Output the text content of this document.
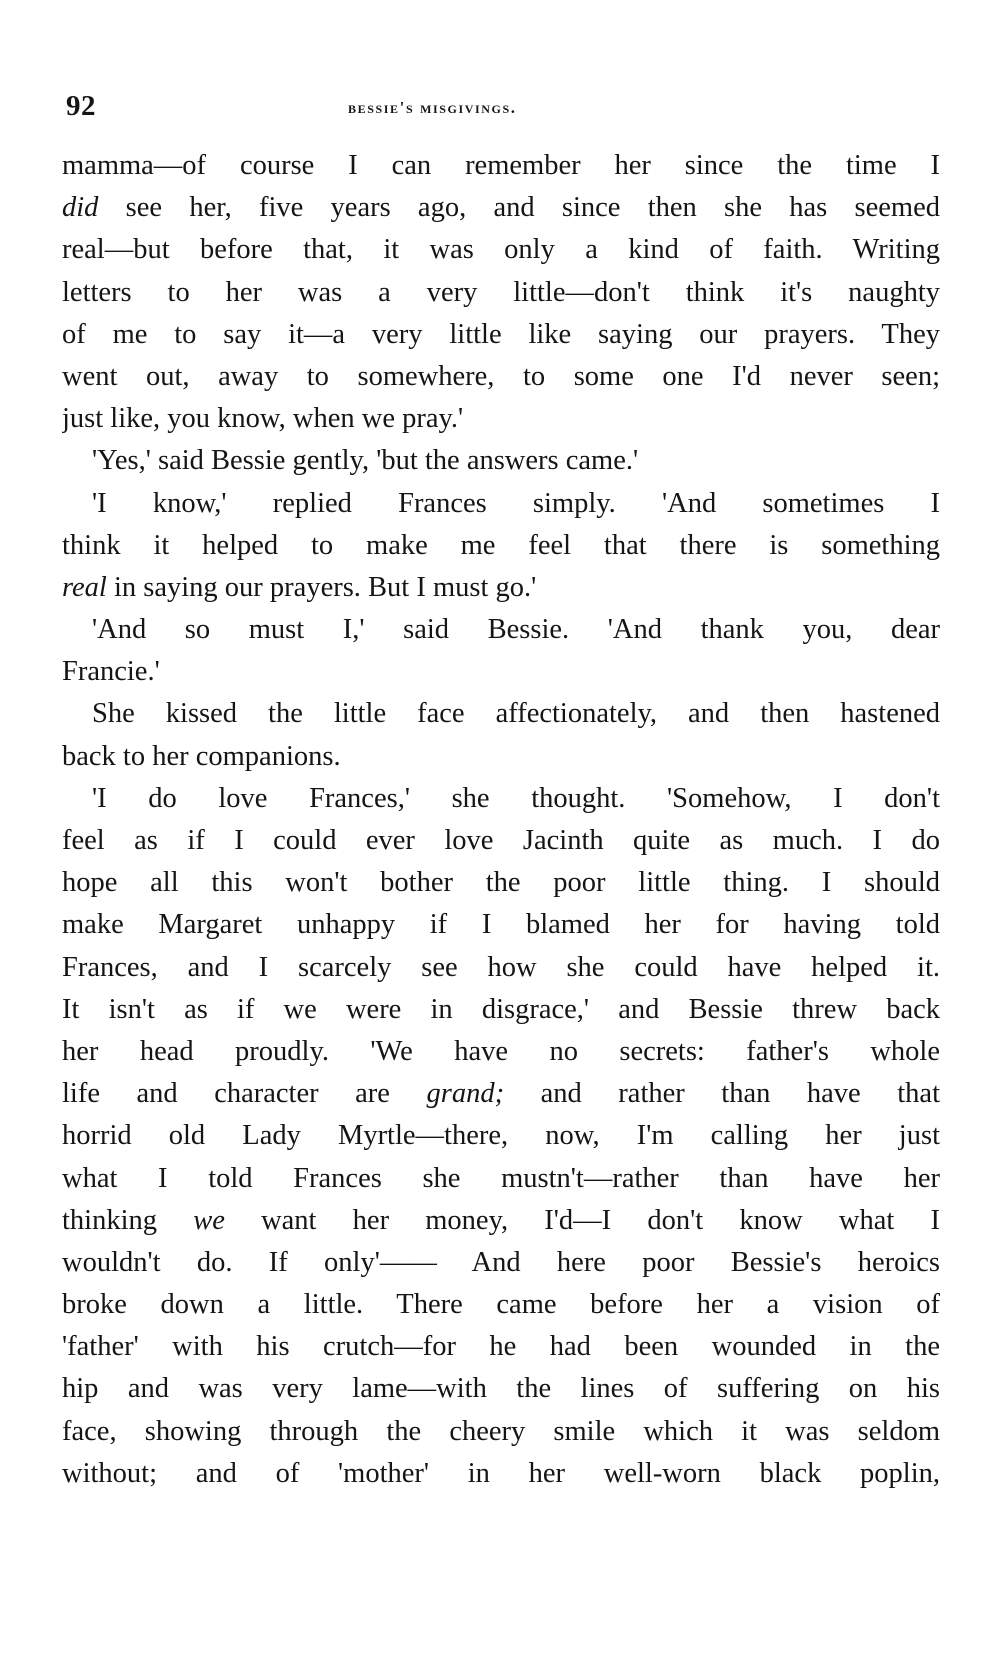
92	bessie's misgivings.
mamma—of course I can remember her since the time I
did see her, five years ago, and since then she has seemed
real—but before that, it was only a kind of faith. Writing
letters to her was a very little—don't think it's naughty
of me to say it—a very little like saying our prayers. They
went out, away to somewhere, to some one I'd never seen;
just like, you know, when we pray.'
'Yes,' said Bessie gently, 'but the answers came.'
'I know,' replied Frances simply. 'And sometimes I
think it helped to make me feel that there is something
real in saying our prayers. But I must go.'
'And so must I,' said Bessie. 'And thank you, dear
Francie.'
She kissed the little face affectionately, and then hastened
back to her companions.
'I do love Frances,' she thought. 'Somehow, I don't
feel as if I could ever love Jacinth quite as much. I do
hope all this won't bother the poor little thing. I should
make Margaret unhappy if I blamed her for having told
Frances, and I scarcely see how she could have helped it.
It isn't as if we were in disgrace,' and Bessie threw back
her head proudly. 'We have no secrets: father's whole
life and character are grand; and rather than have that
horrid old Lady Myrtle—there, now, I'm calling her just
what I told Frances she mustn't—rather than have her
thinking we want her money, I'd—I don't know what I
wouldn't do. If only'—— And here poor Bessie's heroics
broke down a little. There came before her a vision of
'father' with his crutch—for he had been wounded in the
hip and was very lame—with the lines of suffering on his
face, showing through the cheery smile which it was seldom
without; and of 'mother' in her well-worn black poplin,
